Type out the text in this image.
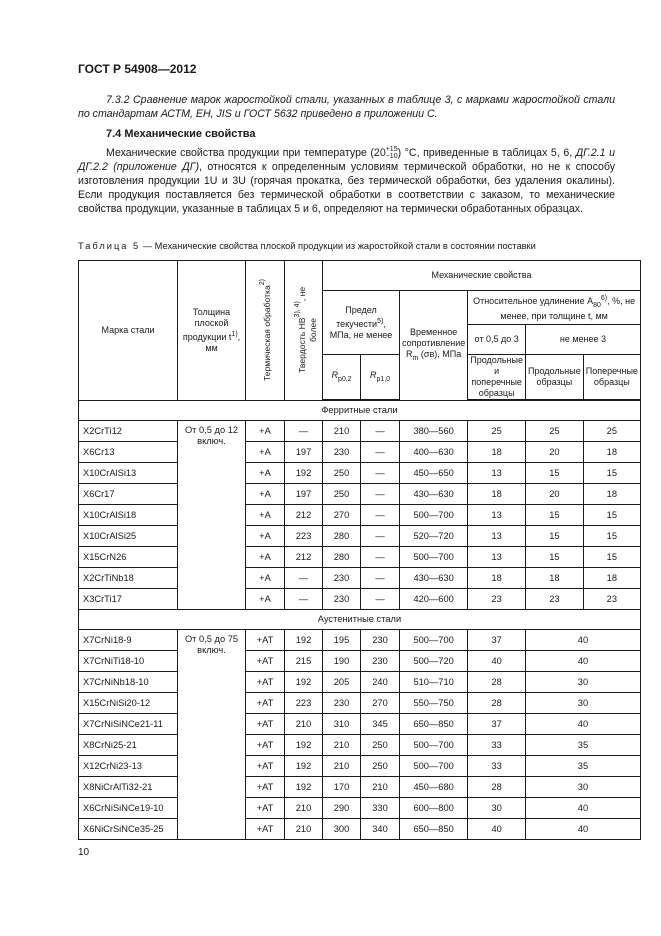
ГОСТ Р 54908—2012
7.3.2 Сравнение марок жаростойкой стали, указанных в таблице 3, с марками жаростойкой стали по стандартам АСТМ, ЕН, JIS и ГОСТ 5632 приведено в приложении С.
7.4 Механические свойства
Механические свойства продукции при температуре (20+15
−10) °С, приведенные в таблицах 5, 6, ДГ.2.1 и ДГ.2.2 (приложение ДГ), относятся к определенным условиям термической обработки, но не к способу изготовления продукции 1U и 3U (горячая прокатка, без термической обработки, без удаления окалины). Если продукция поставляется без термической обработки в соответствии с заказом, то механические свойства продукции, указанные в таблицах 5 и 6, определяют на термически обработанных образцах.
Таблица 5 — Механические свойства плоской продукции из жаростойкой стали в состоянии поставки
Марка стали	Толщина плоской продукции $t^{1)}$, мм	Термическая обработка$^{2)}$	Твердость $HB^{3), 4)}$, не более	Механические свойства					
				Предел текучести$^{5)}$, МПа, не менее		Временное сопротивление $R_m$ (σв), МПа	Относительное удлинение $A_{80}^{6)}$, %, не менее, при толщине t, мм		
							от 0,5 до 3	не менее 3	
				$R_{p0,2}$	$R_{p1,0}$		Продольные и поперечные образцы	Продольные образцы	Поперечные образцы
Ферритные стали									
X2CrTi12	От 0,5 до 12 включ.	+A	—	210	—	380—560	25	25	25
X6Cr13		+A	197	230	—	400—630	18	20	18
X10CrAlSi13		+A	192	250	—	450—650	13	15	15
X6Cr17		+A	197	250	—	430—630	18	20	18
X10CrAlSi18		+A	212	270	—	500—700	13	15	15
X10CrAlSi25		+A	223	280	—	520—720	13	15	15
X15CrN26		+A	212	280	—	500—700	13	15	15
X2CrTiNb18		+A	—	230	—	430—630	18	18	18
X3CrTi17		+A	—	230	—	420—600	23	23	23
Аустенитные стали									
X7CrNi18-9	От 0,5 до 75 включ.	+AT	192	195	230	500—700	37	40	
X7CrNiTi18-10		+AT	215	190	230	500—720	40	40	
X7CrNiNb18-10		+AT	192	205	240	510—710	28	30	
X15CrNiSi20-12		+AT	223	230	270	550—750	28	30	
X7CrNiSiNCe21-11		+AT	210	310	345	650—850	37	40	
X8CrNi25-21		+AT	192	210	250	500—700	33	35	
X12CrNi23-13		+AT	192	210	250	500—700	33	35	
X8NiCrAlTi32-21		+AT	192	170	210	450—680	28	30	
X6CrNiSiNCe19-10		+AT	210	290	330	600—800	30	40	
X6NiCrSiNCe35-25		+AT	210	300	340	650—850	40	40	
10
